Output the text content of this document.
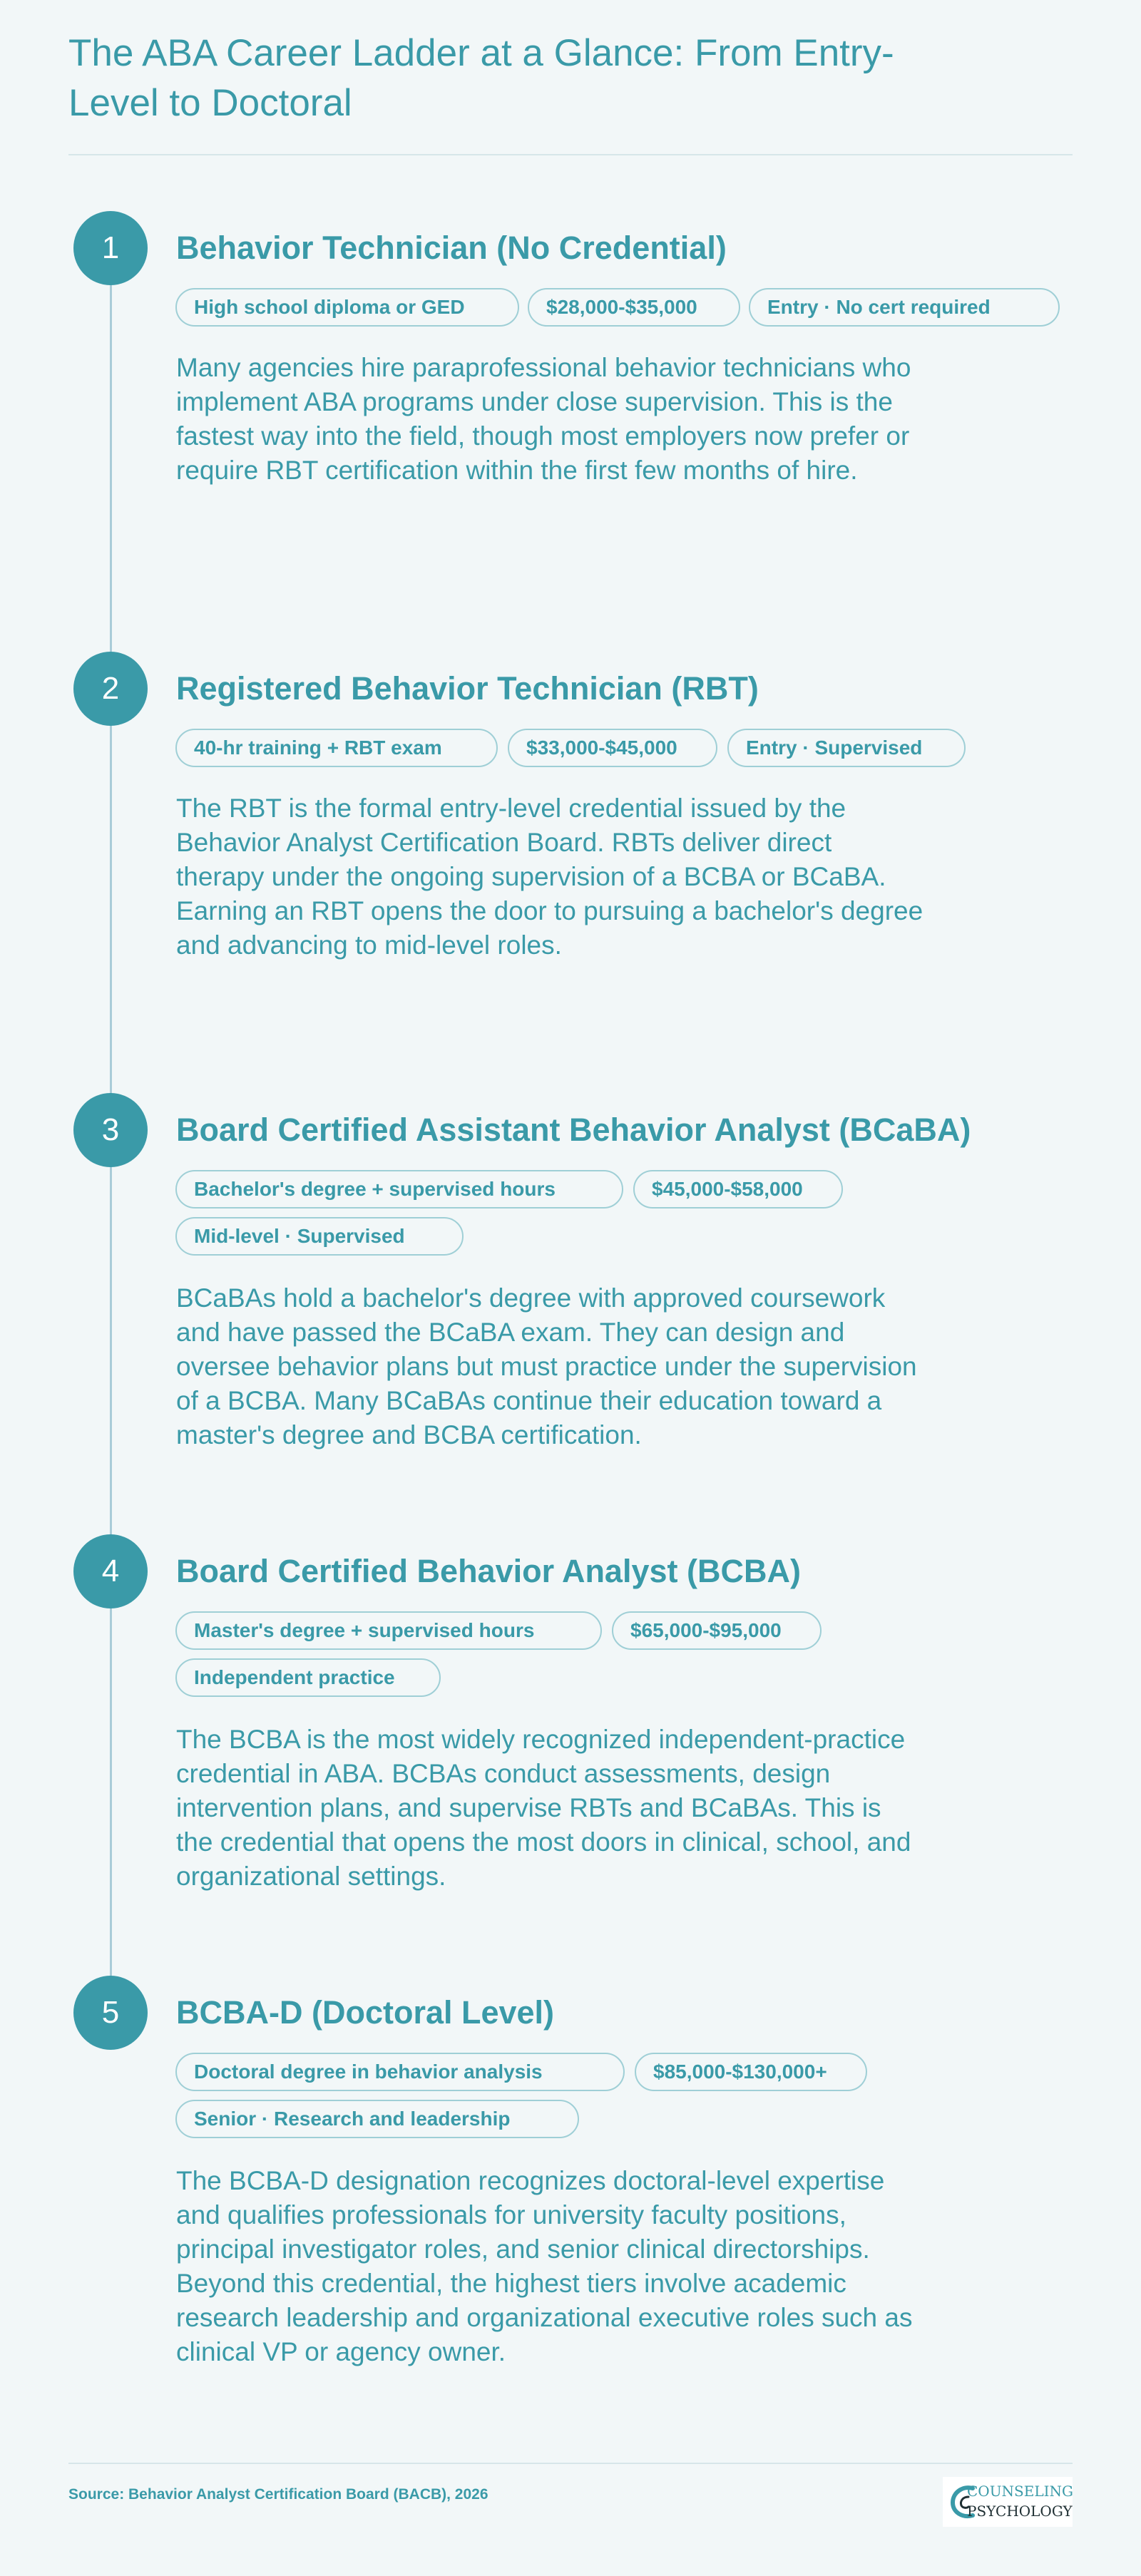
The ABA Career Ladder at a Glance: From Entry-Level to Doctoral
1	Behavior Technician (No Credential)
High school diploma or GED	$28,000-$35,000	Entry · No cert required

Many agencies hire paraprofessional behavior technicians who implement ABA programs under close supervision. This is the fastest way into the field, though most employers now prefer or require RBT certification within the first few months of hire.

2	Registered Behavior Technician (RBT)
40-hr training + RBT exam	$33,000-$45,000	Entry · Supervised

The RBT is the formal entry-level credential issued by the Behavior Analyst Certification Board. RBTs deliver direct therapy under the ongoing supervision of a BCBA or BCaBA. Earning an RBT opens the door to pursuing a bachelor's degree and advancing to mid-level roles.

3	Board Certified Assistant Behavior Analyst (BCaBA)
Bachelor's degree + supervised hours	$45,000-$58,000
Mid-level · Supervised

BCaBAs hold a bachelor's degree with approved coursework and have passed the BCaBA exam. They can design and oversee behavior plans but must practice under the supervision of a BCBA. Many BCaBAs continue their education toward a master's degree and BCBA certification.

4	Board Certified Behavior Analyst (BCBA)
Master's degree + supervised hours	$65,000-$95,000
Independent practice

The BCBA is the most widely recognized independent-practice credential in ABA. BCBAs conduct assessments, design intervention plans, and supervise RBTs and BCaBAs. This is the credential that opens the most doors in clinical, school, and organizational settings.

5	BCBA-D (Doctoral Level)
Doctoral degree in behavior analysis	$85,000-$130,000+
Senior · Research and leadership

The BCBA-D designation recognizes doctoral-level expertise and qualifies professionals for university faculty positions, principal investigator roles, and senior clinical directorships. Beyond this credential, the highest tiers involve academic research leadership and organizational executive roles such as clinical VP or agency owner.

Source: Behavior Analyst Certification Board (BACB), 2026	COUNSELING
PSYCHOLOGY
